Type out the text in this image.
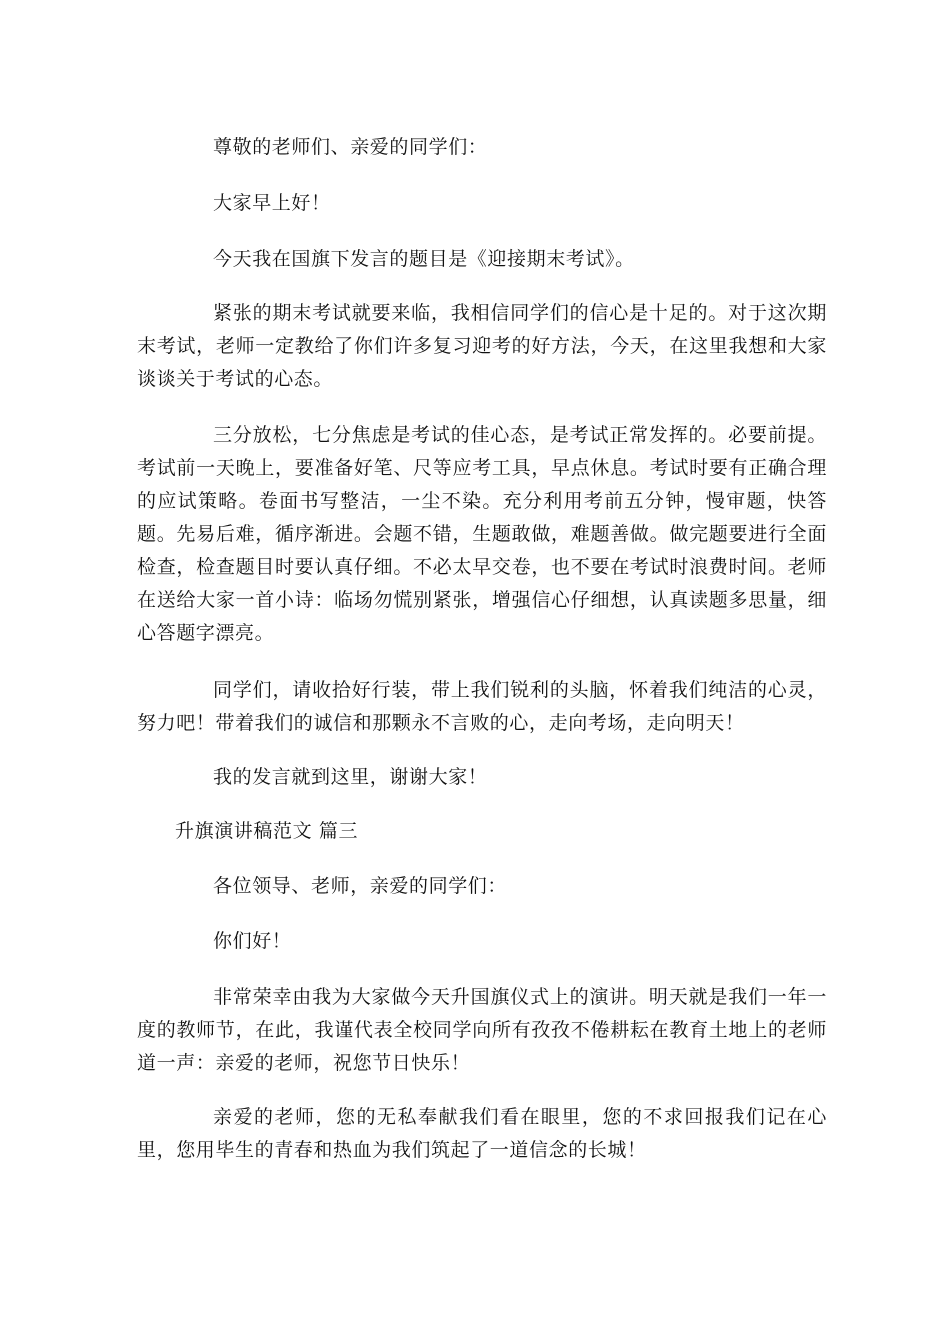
尊敬的老师们、亲爱的同学们：

大家早上好！

今天我在国旗下发言的题目是《迎接期末考试》。

紧张的期末考试就要来临，我相信同学们的信心是十足的。对于这次期末考试，老师一定教给了你们许多复习迎考的好方法，今天，在这里我想和大家谈谈关于考试的心态。

三分放松，七分焦虑是考试的佳心态，是考试正常发挥的。必要前提。考试前一天晚上，要准备好笔、尺等应考工具，早点休息。考试时要有正确合理的应试策略。卷面书写整洁，一尘不染。充分利用考前五分钟，慢审题，快答题。先易后难，循序渐进。会题不错，生题敢做，难题善做。做完题要进行全面检查，检查题目时要认真仔细。不必太早交卷，也不要在考试时浪费时间。老师在送给大家一首小诗：临场勿慌别紧张，增强信心仔细想，认真读题多思量，细心答题字漂亮。

同学们，请收拾好行装，带上我们锐利的头脑，怀着我们纯洁的心灵，努力吧！带着我们的诚信和那颗永不言败的心，走向考场，走向明天！

我的发言就到这里，谢谢大家！

升旗演讲稿范文 篇三

各位领导、老师，亲爱的同学们：

你们好！

非常荣幸由我为大家做今天升国旗仪式上的演讲。明天就是我们一年一度的教师节，在此，我谨代表全校同学向所有孜孜不倦耕耘在教育土地上的老师道一声：亲爱的老师，祝您节日快乐！

亲爱的老师，您的无私奉献我们看在眼里，您的不求回报我们记在心里，您用毕生的青春和热血为我们筑起了一道信念的长城！
